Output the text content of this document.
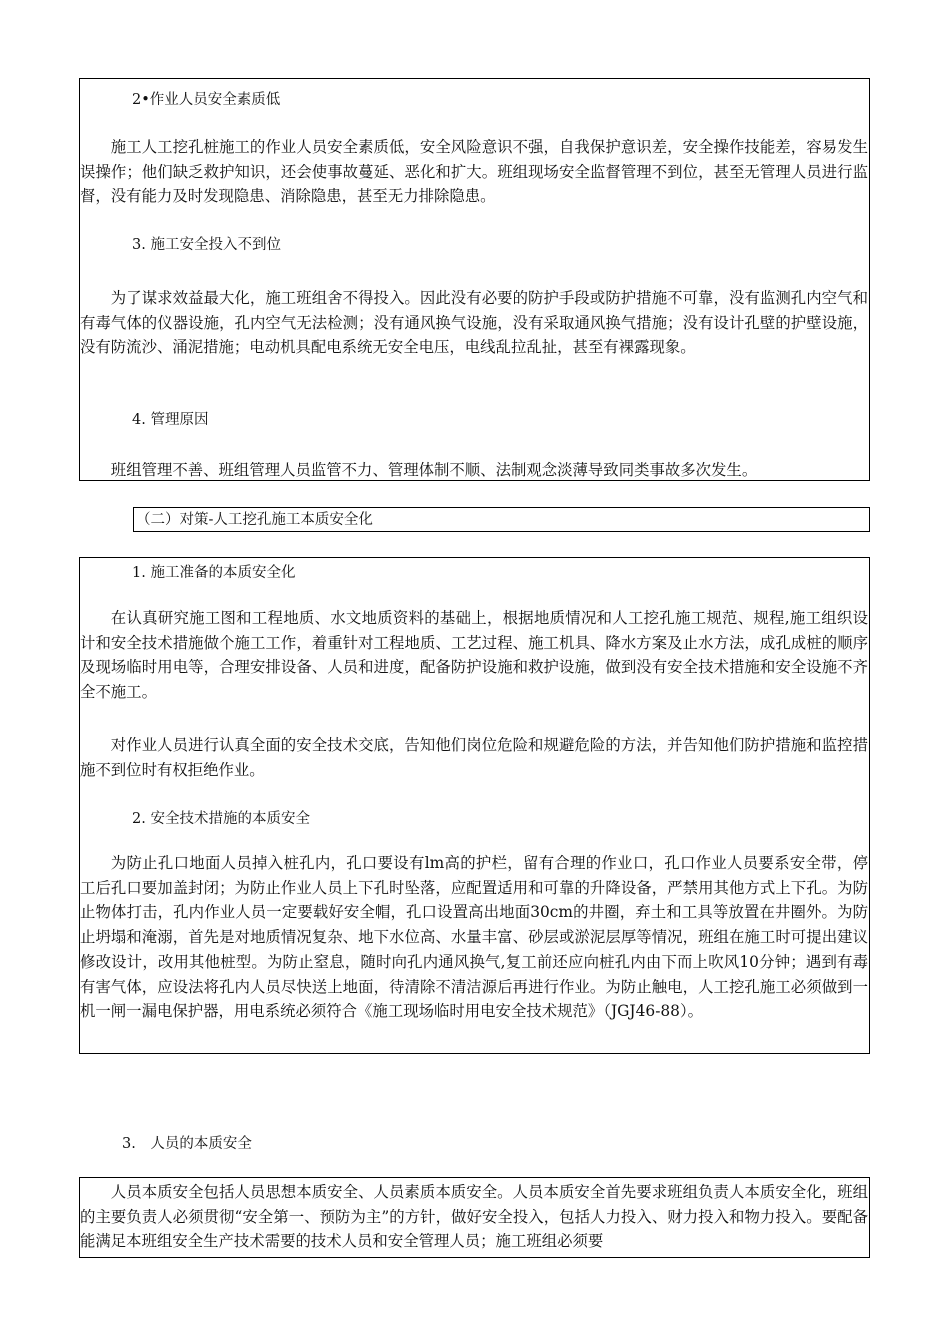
2•作业人员安全素质低

施工人工挖孔桩施工的作业人员安全素质低，安全风险意识不强，自我保护意识差，安全操作技能差，容易发生误操作；他们缺乏救护知识，还会使事故蔓延、恶化和扩大。班组现场安全监督管理不到位，甚至无管理人员进行监督，没有能力及时发现隐患、消除隐患，甚至无力排除隐患。

3. 施工安全投入不到位

为了谋求效益最大化，施工班组舍不得投入。因此没有必要的防护手段或防护措施不可靠，没有监测孔内空气和有毒气体的仪器设施，孔内空气无法检测；没有通风换气设施，没有采取通风换气措施；没有设计孔壁的护壁设施，没有防流沙、涌泥措施；电动机具配电系统无安全电压，电线乱拉乱扯，甚至有裸露现象。

4. 管理原因

班组管理不善、班组管理人员监管不力、管理体制不顺、法制观念淡薄导致同类事故多次发生。

（二）对策-人工挖孔施工本质安全化
1. 施工准备的本质安全化

在认真研究施工图和工程地质、水文地质资料的基础上，根据地质情况和人工挖孔施工规范、规程,施工组织设计和安全技术措施做个施工工作，着重针对工程地质、工艺过程、施工机具、降水方案及止水方法，成孔成桩的顺序及现场临时用电等，合理安排设备、人员和进度，配备防护设施和救护设施，做到没有安全技术措施和安全设施不齐全不施工。

对作业人员进行认真全面的安全技术交底，告知他们岗位危险和规避危险的方法，并告知他们防护措施和监控措施不到位时有权拒绝作业。

2. 安全技术措施的本质安全

为防止孔口地面人员掉入桩孔内，孔口要设有lm高的护栏，留有合理的作业口，孔口作业人员要系安全带，停工后孔口要加盖封闭；为防止作业人员上下孔时坠落，应配置适用和可靠的升降设备，严禁用其他方式上下孔。为防止物体打击，孔内作业人员一定要载好安全帽，孔口设置高出地面30cm的井圈，弃土和工具等放置在井圈外。为防止坍塌和淹溺，首先是对地质情况复杂、地下水位高、水量丰富、砂层或淤泥层厚等情况，班组在施工时可提出建议修改设计，改用其他桩型。为防止窒息，随时向孔内通风换气,复工前还应向桩孔内由下而上吹风10分钟；遇到有毒有害气体，应设法将孔内人员尽快送上地面，待清除不清洁源后再进行作业。为防止触电，人工挖孔施工必须做到一机一闸一漏电保护器，用电系统必须符合《施工现场临时用电安全技术规范》（JGJ46-88）。

3.　人员的本质安全

人员本质安全包括人员思想本质安全、人员素质本质安全。人员本质安全首先要求班组负责人本质安全化，班组的主要负责人必须贯彻“安全第一、预防为主”的方针，做好安全投入，包括人力投入、财力投入和物力投入。要配备能满足本班组安全生产技术需要的技术人员和安全管理人员；施工班组必须要
